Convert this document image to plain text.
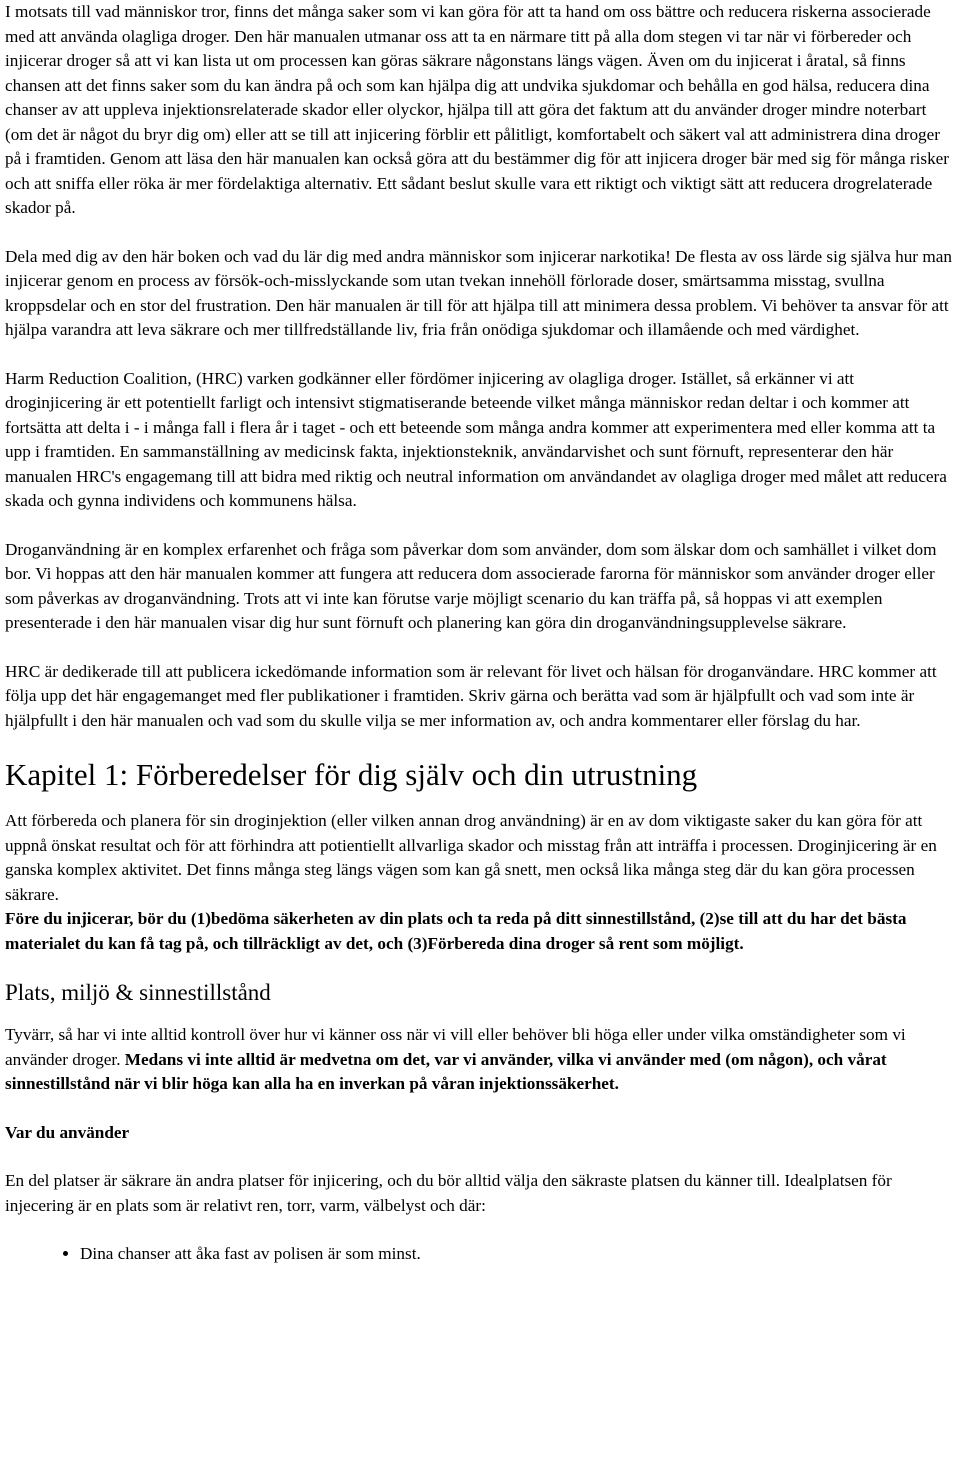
I motsats till vad människor tror, finns det många saker som vi kan göra för att ta hand om oss bättre och reducera riskerna associerade med att använda olagliga droger. Den här manualen utmanar oss att ta en närmare titt på alla dom stegen vi tar när vi förbereder och injicerar droger så att vi kan lista ut om processen kan göras säkrare någonstans längs vägen. Även om du injicerat i åratal, så finns chansen att det finns saker som du kan ändra på och som kan hjälpa dig att undvika sjukdomar och behålla en god hälsa, reducera dina chanser av att uppleva injektionsrelaterade skador eller olyckor, hjälpa till att göra det faktum att du använder droger mindre noterbart (om det är något du bryr dig om) eller att se till att injicering förblir ett pålitligt, komfortabelt och säkert val att administrera dina droger på i framtiden. Genom att läsa den här manualen kan också göra att du bestämmer dig för att injicera droger bär med sig för många risker och att sniffa eller röka är mer fördelaktiga alternativ. Ett sådant beslut skulle vara ett riktigt och viktigt sätt att reducera drogrelaterade skador på.

Dela med dig av den här boken och vad du lär dig med andra människor som injicerar narkotika! De flesta av oss lärde sig själva hur man injicerar genom en process av försök-och-misslyckande som utan tvekan innehöll förlorade doser, smärtsamma misstag, svullna kroppsdelar och en stor del frustration. Den här manualen är till för att hjälpa till att minimera dessa problem. Vi behöver ta ansvar för att hjälpa varandra att leva säkrare och mer tillfredställande liv, fria från onödiga sjukdomar och illamående och med värdighet.

Harm Reduction Coalition, (HRC) varken godkänner eller fördömer injicering av olagliga droger. Istället, så erkänner vi att droginjicering är ett potentiellt farligt och intensivt stigmatiserande beteende vilket många människor redan deltar i och kommer att fortsätta att delta i - i många fall i flera år i taget - och ett beteende som många andra kommer att experimentera med eller komma att ta upp i framtiden. En sammanställning av medicinsk fakta, injektionsteknik, användarvishet och sunt förnuft, representerar den här manualen HRC's engagemang till att bidra med riktig och neutral information om användandet av olagliga droger med målet att reducera skada och gynna individens och kommunens hälsa.

Droganvändning är en komplex erfarenhet och fråga som påverkar dom som använder, dom som älskar dom och samhället i vilket dom bor. Vi hoppas att den här manualen kommer att fungera att reducera dom associerade farorna för människor som använder droger eller som påverkas av droganvändning. Trots att vi inte kan förutse varje möjligt scenario du kan träffa på, så hoppas vi att exemplen presenterade i den här manualen visar dig hur sunt förnuft och planering kan göra din droganvändningsupplevelse säkrare.

HRC är dedikerade till att publicera ickedömande information som är relevant för livet och hälsan för droganvändare. HRC kommer att följa upp det här engagemanget med fler publikationer i framtiden. Skriv gärna och berätta vad som är hjälpfullt och vad som inte är hjälpfullt i den här manualen och vad som du skulle vilja se mer information av, och andra kommentarer eller förslag du har.

Kapitel 1: Förberedelser för dig själv och din utrustning

Att förbereda och planera för sin droginjektion (eller vilken annan drog användning) är en av dom viktigaste saker du kan göra för att uppnå önskat resultat och för att förhindra att potientiellt allvarliga skador och misstag från att inträffa i processen. Droginjicering är en ganska komplex aktivitet. Det finns många steg längs vägen som kan gå snett, men också lika många steg där du kan göra processen säkrare.

Före du injicerar, bör du (1)bedöma säkerheten av din plats och ta reda på ditt sinnestillstånd, (2)se till att du har det bästa materialet du kan få tag på, och tillräckligt av det, och (3)Förbereda dina droger så rent som möjligt.

Plats, miljö & sinnestillstånd

Tyvärr, så har vi inte alltid kontroll över hur vi känner oss när vi vill eller behöver bli höga eller under vilka omständigheter som vi använder droger. Medans vi inte alltid är medvetna om det, var vi använder, vilka vi använder med (om någon), och vårat sinnestillstånd när vi blir höga kan alla ha en inverkan på våran injektionssäkerhet.

Var du använder

En del platser är säkrare än andra platser för injicering, och du bör alltid välja den säkraste platsen du känner till. Idealplatsen för injecering är en plats som är relativt ren, torr, varm, välbelyst och där:

• Dina chanser att åka fast av polisen är som minst.
